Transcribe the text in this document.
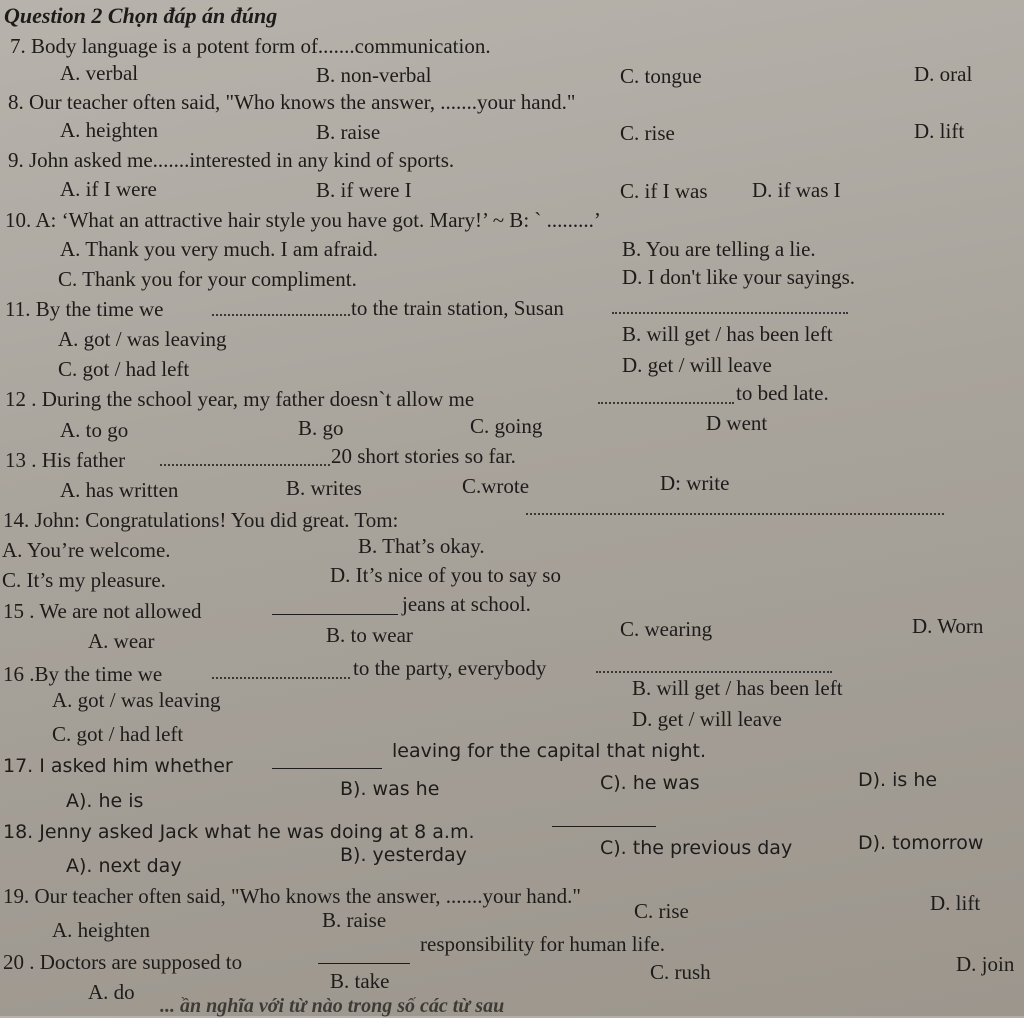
Question 2 Chọn đáp án đúng
7. Body language is a potent form of.......communication.
A. verbal	B. non-verbal	C. tongue	D. oral
8. Our teacher often said, "Who knows the answer, .......your hand."
A. heighten	B. raise	C. rise	D. lift
9. John asked me.......interested in any kind of sports.
A. if I were	B. if were I	C. if I was D. if was I
10. A: ‘What an attractive hair style you have got. Mary!’ ~ B: ` .........’
A. Thank you very much. I am afraid.	B. You are telling a lie.
C. Thank you for your compliment.	D. I don't like your sayings.
11. By the time we	to the train station, Susan
A. got / was leaving	B. will get / has been left
C. got / had left	D. get / will leave
12 . During the school year, my father doesn`t allow me	to bed late.
A. to go	B. go	C. going	D went
13 . His father	20 short stories so far.
A. has written	B. writes	C.wrote	D: write
14. John: Congratulations! You did great. Tom:
A. You’re welcome.	B. That’s okay.
C. It’s my pleasure.	D. It’s nice of you to say so
15 . We are not allowed	jeans at school.
A. wear	B. to wear	C. wearing	D. Worn
16 .By the time we	to the party, everybody
A. got / was leaving	B. will get / has been left
C. got / had left
D. get / will leave
17. I asked him whether
leaving for the capital that night.
A). he is
B). was he	C). he was	D). is he
18. Jenny asked Jack what he was doing at 8 a.m.
A). next day	B). yesterday	C). the previous day	D). tomorrow
19. Our teacher often said, "Who knows the answer, .......your hand."
A. heighten	B. raise	C. rise	D. lift
20 . Doctors are supposed to
responsibility for human life.
A. do	B. take	C. rush	D. join
... ần nghĩa với từ nào trong số các từ sau
